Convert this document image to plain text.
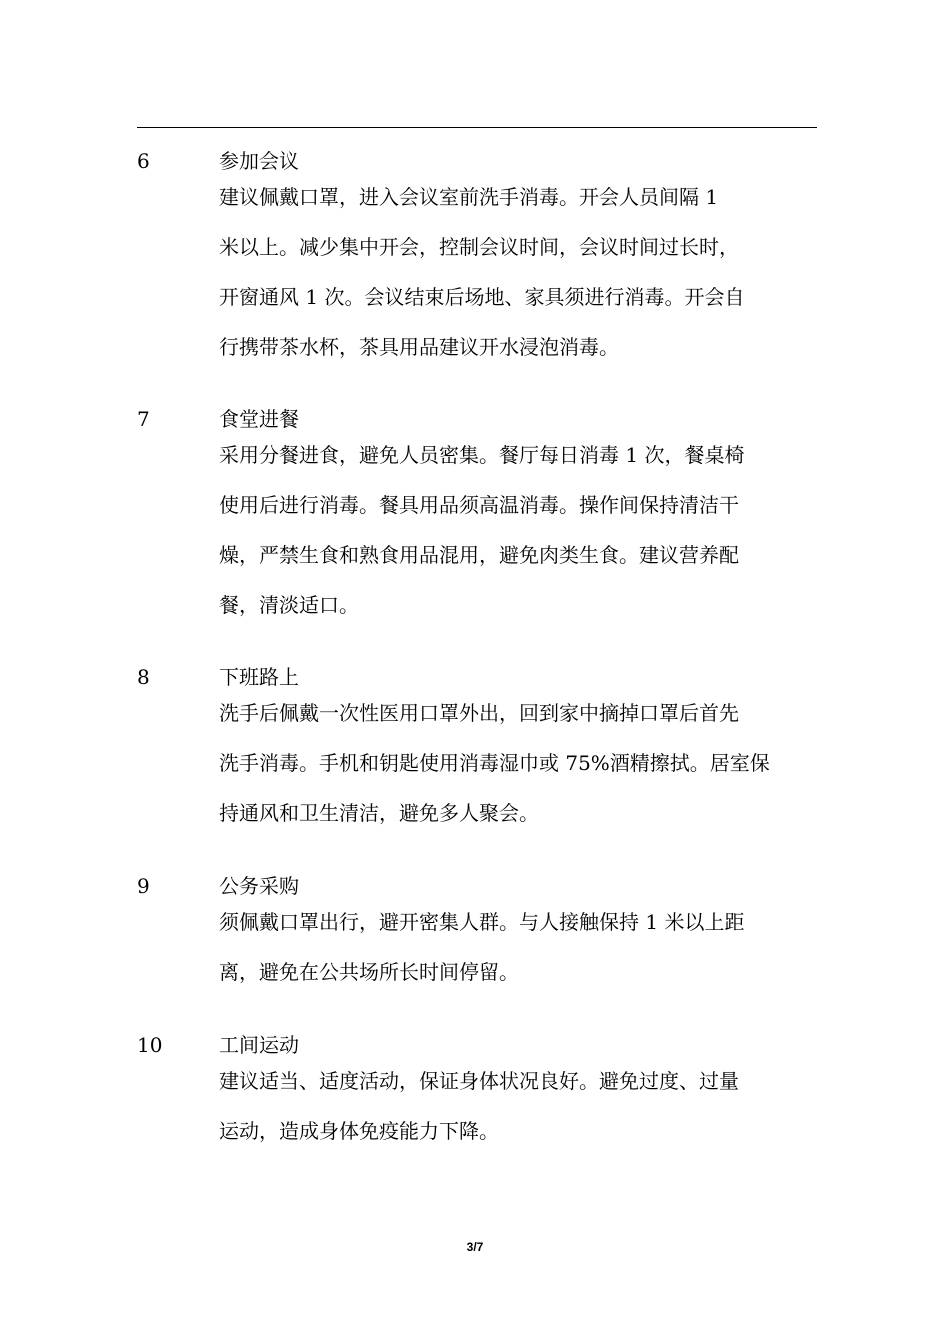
6	参加会议
建议佩戴口罩，进入会议室前洗手消毒。开会人员间隔 1
米以上。减少集中开会，控制会议时间，会议时间过长时，
开窗通风 1 次。会议结束后场地、家具须进行消毒。开会自
行携带茶水杯，茶具用品建议开水浸泡消毒。
7	食堂进餐
采用分餐进食，避免人员密集。餐厅每日消毒 1 次，餐桌椅
使用后进行消毒。餐具用品须高温消毒。操作间保持清洁干
燥，严禁生食和熟食用品混用，避免肉类生食。建议营养配
餐，清淡适口。
8	下班路上
洗手后佩戴一次性医用口罩外出，回到家中摘掉口罩后首先
洗手消毒。手机和钥匙使用消毒湿巾或 75%酒精擦拭。居室保
持通风和卫生清洁，避免多人聚会。
9	公务采购
须佩戴口罩出行，避开密集人群。与人接触保持 1 米以上距
离，避免在公共场所长时间停留。
10	工间运动
建议适当、适度活动，保证身体状况良好。避免过度、过量
运动，造成身体免疫能力下降。
3/7
